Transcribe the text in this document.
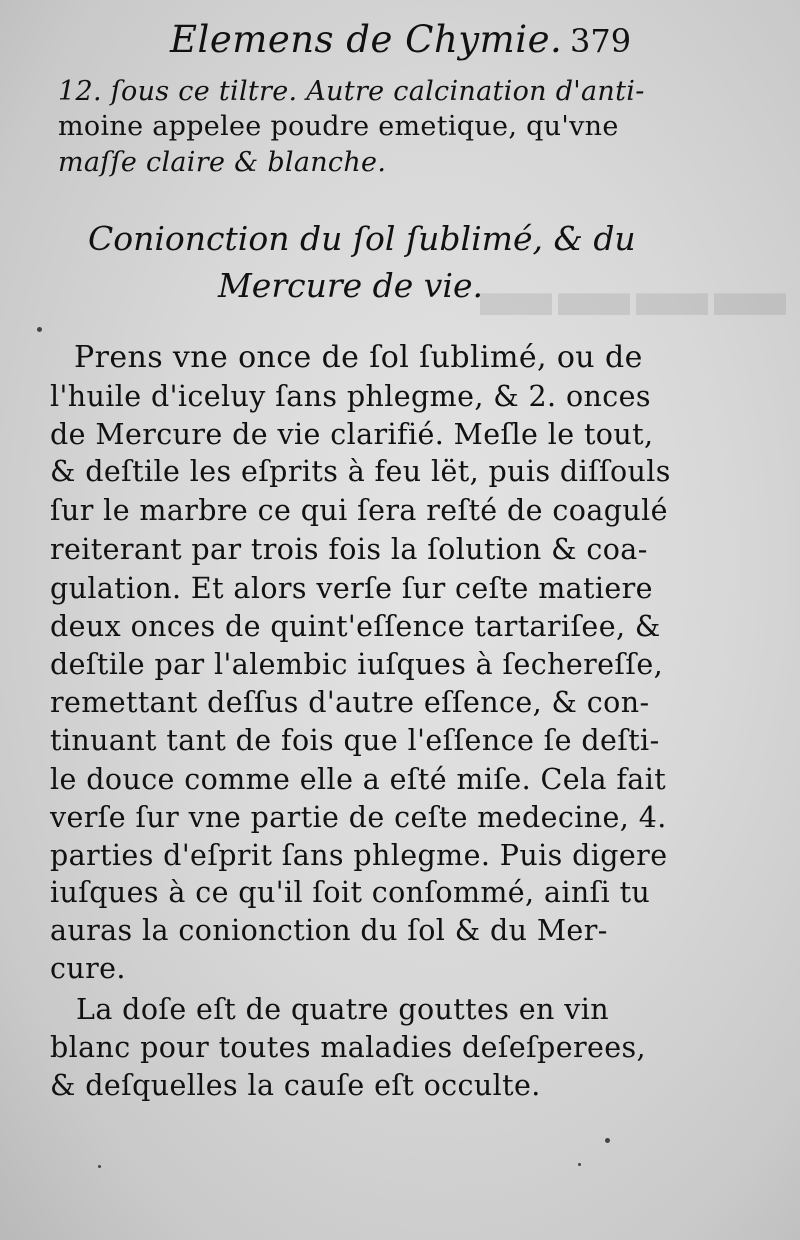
▬▬▬▬
Elemens de Chymie. 379
12. ſous ce tiltre. Autre calcination d'anti-
moine appelee poudre emetique, qu'vne
maſſe claire & blanche.
Conionction du ſol ſublimé, & du
Mercure de vie.
Prens vne once de ſol ſublimé, ou de
l'huile d'iceluy ſans phlegme, & 2. onces
de Mercure de vie clarifié. Meſle le tout,
& deſtile les eſprits à feu lët, puis diſſouls
ſur le marbre ce qui ſera reſté de coagulé
reiterant par trois fois la ſolution & coa-
gulation. Et alors verſe ſur ceſte matiere
deux onces de quint'eſſence tartariſee, &
deſtile par l'alembic iuſques à ſechereſſe,
remettant deſſus d'autre eſſence, & con-
tinuant tant de fois que l'eſſence ſe deſti-
le douce comme elle a eſté miſe. Cela fait
verſe ſur vne partie de ceſte medecine, 4.
parties d'eſprit ſans phlegme. Puis digere
iuſques à ce qu'il ſoit conſommé, ainſi tu
auras la conionction du ſol & du Mer-
cure.
La doſe eſt de quatre gouttes en vin
blanc pour toutes maladies deſeſperees,
& deſquelles la cauſe eſt occulte.
